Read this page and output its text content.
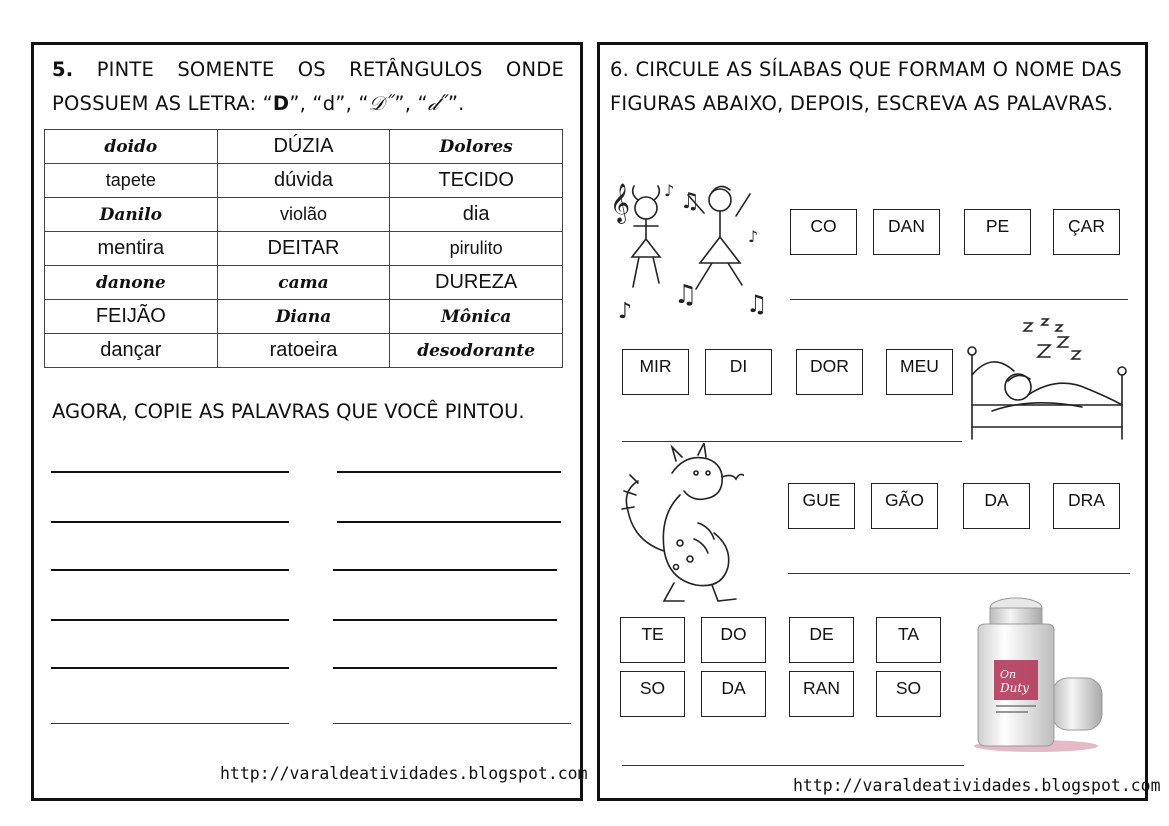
5. PINTE SOMENTE OS RETÂNGULOS ONDE POSSUEM AS LETRA: “D”, “d”, “𝒟˝”, “𝒹˝”.
doido	DÚZIA	Dolores
tapete	dúvida	TECIDO
Danilo	violão	dia
mentira	DEITAR	pirulito
danone	cama	DUREZA
FEIJÃO	Diana	Mônica
dançar	ratoeira	desodorante
AGORA, COPIE AS PALAVRAS QUE VOCÊ PINTOU.
http://varaldeatividades.blogspot.com
6. CIRCULE AS SÍLABAS QUE FORMAM O NOME DAS FIGURAS ABAIXO, DEPOIS, ESCREVA AS PALAVRAS.
𝄞 ♪ ♫
♪
♫ ♫
♪
CO	DAN	PE	ÇAR
MIR	DI	DOR	MEU
GUE	GÃO	DA	DRA
TE	DO	DE	TA
SO	DA	RAN	SO
On
Duty
http://varaldeatividades.blogspot.com
